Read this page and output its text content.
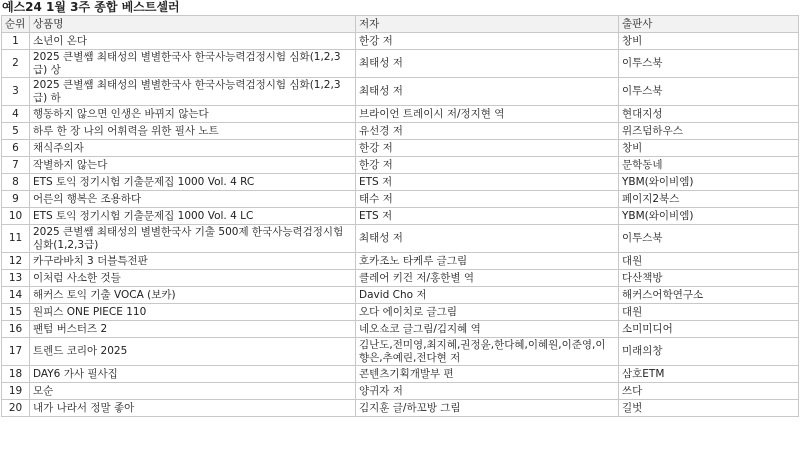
예스24 1월 3주 종합 베스트셀러
순위	상품명	저자	출판사
1	소년이 온다	한강 저	창비
2	2025 큰별쌤 최태성의 별별한국사 한국사능력검정시험 심화(1,2,3급) 상	최태성 저	이투스북
3	2025 큰별쌤 최태성의 별별한국사 한국사능력검정시험 심화(1,2,3급) 하	최태성 저	이투스북
4	행동하지 않으면 인생은 바뀌지 않는다	브라이언 트레이시 저/정지현 역	현대지성
5	하루 한 장 나의 어휘력을 위한 필사 노트	유선경 저	위즈덤하우스
6	채식주의자	한강 저	창비
7	작별하지 않는다	한강 저	문학동네
8	ETS 토익 정기시험 기출문제집 1000 Vol. 4 RC	ETS 저	YBM(와이비엠)
9	어른의 행복은 조용하다	태수 저	페이지2북스
10	ETS 토익 정기시험 기출문제집 1000 Vol. 4 LC	ETS 저	YBM(와이비엠)
11	2025 큰별쌤 최태성의 별별한국사 기출 500제 한국사능력검정시험 심화(1,2,3급)	최태성 저	이투스북
12	카구라바치 3 더블특전판	호카조노 타케루 글그림	대원
13	이처럼 사소한 것들	클레어 키건 저/홍한별 역	다산책방
14	해커스 토익 기출 VOCA (보카)	David Cho 저	해커스어학연구소
15	원피스 ONE PIECE 110	오다 에이치로 글그림	대원
16	팬텀 버스터즈 2	네오쇼코 글그림/김지혜 역	소미미디어
17	트렌드 코리아 2025	김난도,전미영,최지혜,권정윤,한다혜,이혜원,이준영,이향은,추예린,전다현 저	미래의창
18	DAY6 가사 필사집	콘텐츠기획개발부 편	삼호ETM
19	모순	양귀자 저	쓰다
20	내가 나라서 정말 좋아	김지훈 글/하꼬방 그림	길벗
